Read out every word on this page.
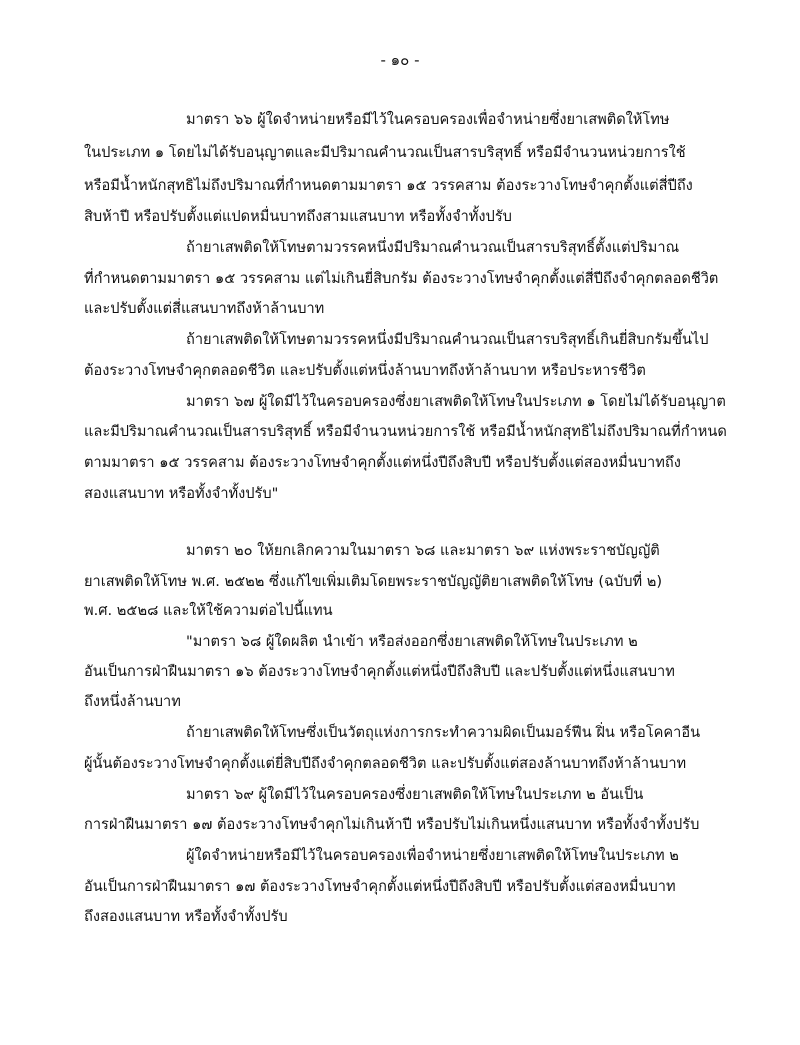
- ๑๐ -
มาตรา ๖๖ ผู้ใดจำหน่ายหรือมีไว้ในครอบครองเพื่อจำหน่ายซึ่งยาเสพติดให้โทษ
ในประเภท ๑ โดยไม่ได้รับอนุญาตและมีปริมาณคำนวณเป็นสารบริสุทธิ์ หรือมีจำนวนหน่วยการใช้
หรือมีน้ำหนักสุทธิไม่ถึงปริมาณที่กำหนดตามมาตรา ๑๕ วรรคสาม ต้องระวางโทษจำคุกตั้งแต่สี่ปีถึง
สิบห้าปี หรือปรับตั้งแต่แปดหมื่นบาทถึงสามแสนบาท หรือทั้งจำทั้งปรับ
ถ้ายาเสพติดให้โทษตามวรรคหนึ่งมีปริมาณคำนวณเป็นสารบริสุทธิ์ตั้งแต่ปริมาณ
ที่กำหนดตามมาตรา ๑๕ วรรคสาม แต่ไม่เกินยี่สิบกรัม ต้องระวางโทษจำคุกตั้งแต่สี่ปีถึงจำคุกตลอดชีวิต
และปรับตั้งแต่สี่แสนบาทถึงห้าล้านบาท
ถ้ายาเสพติดให้โทษตามวรรคหนึ่งมีปริมาณคำนวณเป็นสารบริสุทธิ์เกินยี่สิบกรัมขึ้นไป
ต้องระวางโทษจำคุกตลอดชีวิต และปรับตั้งแต่หนึ่งล้านบาทถึงห้าล้านบาท หรือประหารชีวิต
มาตรา ๖๗ ผู้ใดมีไว้ในครอบครองซึ่งยาเสพติดให้โทษในประเภท ๑ โดยไม่ได้รับอนุญาต
และมีปริมาณคำนวณเป็นสารบริสุทธิ์ หรือมีจำนวนหน่วยการใช้ หรือมีน้ำหนักสุทธิไม่ถึงปริมาณที่กำหนด
ตามมาตรา ๑๕ วรรคสาม ต้องระวางโทษจำคุกตั้งแต่หนึ่งปีถึงสิบปี หรือปรับตั้งแต่สองหมื่นบาทถึง
สองแสนบาท หรือทั้งจำทั้งปรับ"
มาตรา ๒๐ ให้ยกเลิกความในมาตรา ๖๘ และมาตรา ๖๙ แห่งพระราชบัญญัติ
ยาเสพติดให้โทษ พ.ศ. ๒๕๒๒ ซึ่งแก้ไขเพิ่มเติมโดยพระราชบัญญัติยาเสพติดให้โทษ (ฉบับที่ ๒)
พ.ศ. ๒๕๒๘ และให้ใช้ความต่อไปนี้แทน
"มาตรา ๖๘ ผู้ใดผลิต นำเข้า หรือส่งออกซึ่งยาเสพติดให้โทษในประเภท ๒
อันเป็นการฝ่าฝืนมาตรา ๑๖ ต้องระวางโทษจำคุกตั้งแต่หนึ่งปีถึงสิบปี และปรับตั้งแต่หนึ่งแสนบาท
ถึงหนึ่งล้านบาท
ถ้ายาเสพติดให้โทษซึ่งเป็นวัตถุแห่งการกระทำความผิดเป็นมอร์ฟีน ฝิ่น หรือโคคาอีน
ผู้นั้นต้องระวางโทษจำคุกตั้งแต่ยี่สิบปีถึงจำคุกตลอดชีวิต และปรับตั้งแต่สองล้านบาทถึงห้าล้านบาท
มาตรา ๖๙ ผู้ใดมีไว้ในครอบครองซึ่งยาเสพติดให้โทษในประเภท ๒ อันเป็น
การฝ่าฝืนมาตรา ๑๗ ต้องระวางโทษจำคุกไม่เกินห้าปี หรือปรับไม่เกินหนึ่งแสนบาท หรือทั้งจำทั้งปรับ
ผู้ใดจำหน่ายหรือมีไว้ในครอบครองเพื่อจำหน่ายซึ่งยาเสพติดให้โทษในประเภท ๒
อันเป็นการฝ่าฝืนมาตรา ๑๗ ต้องระวางโทษจำคุกตั้งแต่หนึ่งปีถึงสิบปี หรือปรับตั้งแต่สองหมื่นบาท
ถึงสองแสนบาท หรือทั้งจำทั้งปรับ
